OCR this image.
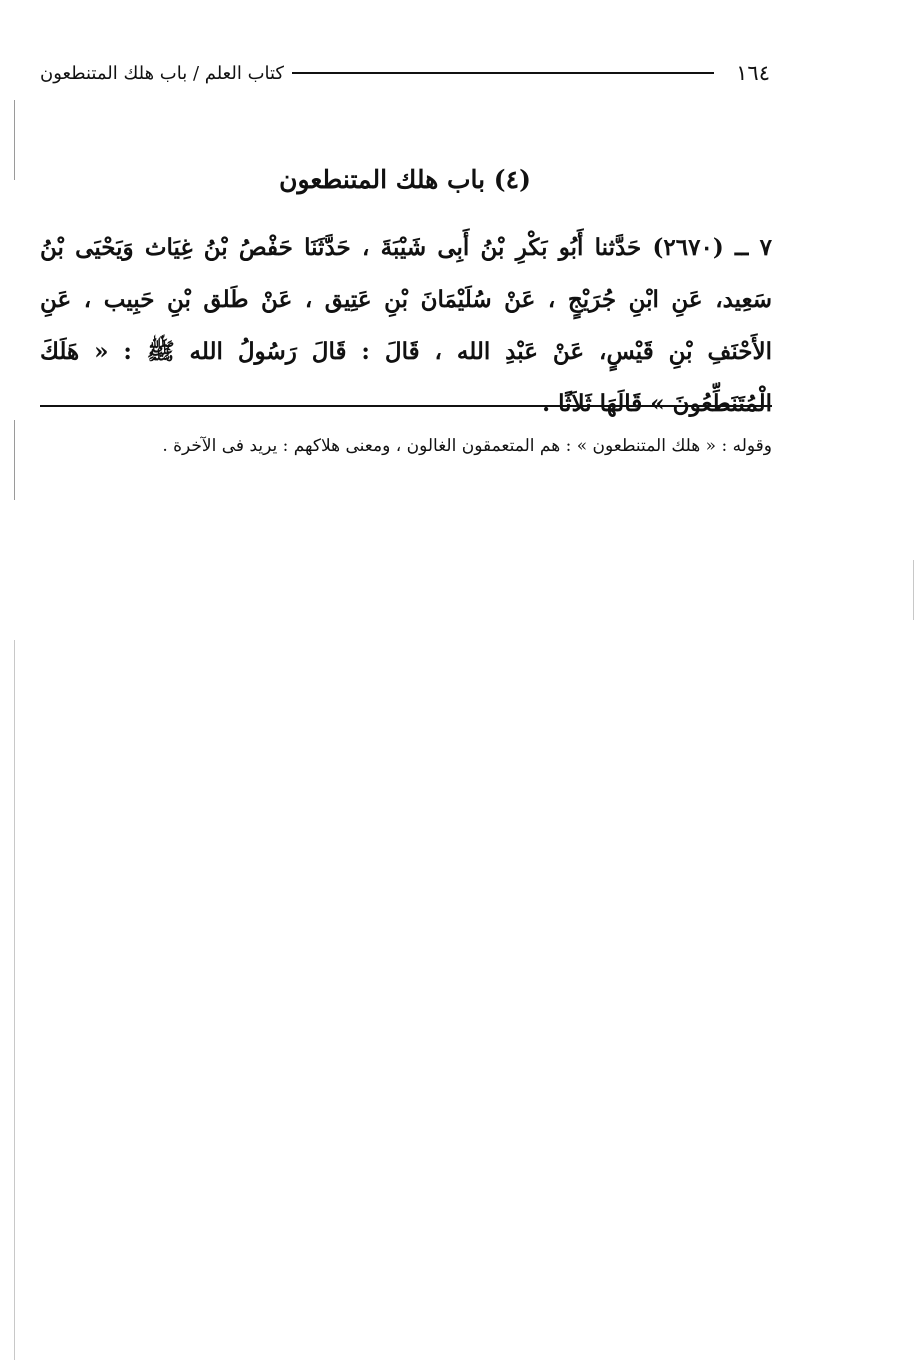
١٦٤
كتاب العلم / باب هلك المتنطعون
(٤) باب هلك المتنطعون

٧ ــ (٢٦٧٠) حَدَّثنا أَبُو بَكْرِ بْنُ أَبِى شَيْبَةَ ، حَدَّثَنَا حَفْصُ بْنُ غِيَاث وَيَحْيَى بْنُ سَعِيد، عَنِ ابْنِ جُرَيْجٍ ، عَنْ سُلَيْمَانَ بْنِ عَتِيق ، عَنْ طَلق بْنِ حَبِيب ، عَنِ الأَحْنَفِ بْنِ قَيْسٍ، عَنْ عَبْدِ الله ، قَالَ : قَالَ رَسُولُ الله ﷺ : « هَلَكَ الْمُتَنَطِّعُونَ » قَالَهَا ثَلاَثًا .

وقوله : « هلك المتنطعون » : هم المتعمقون الغالون ، ومعنى هلاكهم : يريد فى الآخرة .
